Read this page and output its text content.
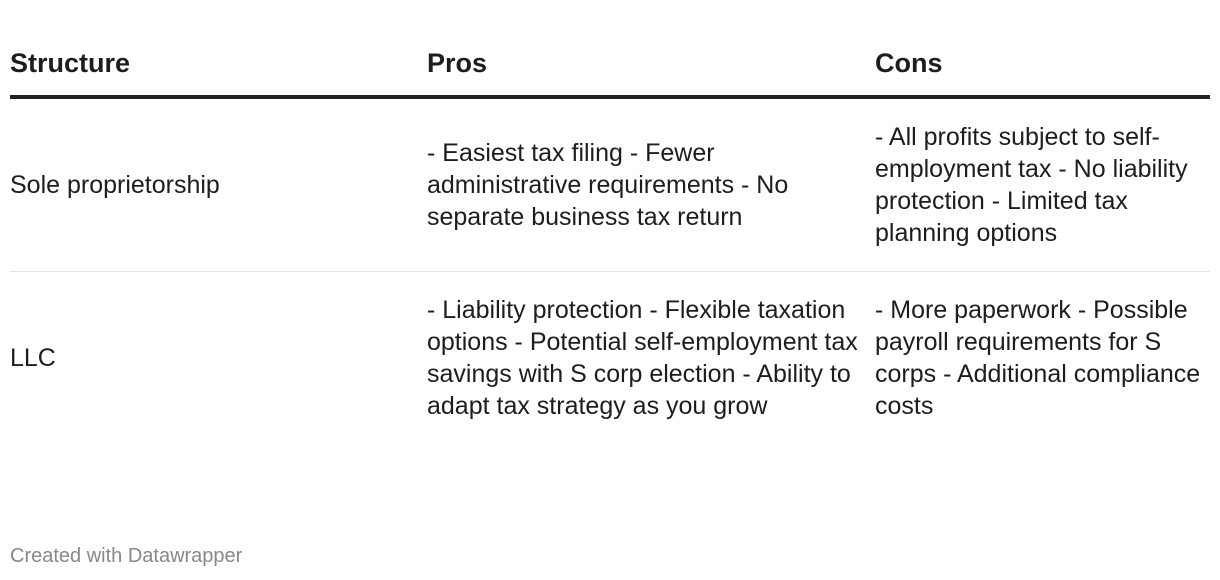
Structure	Pros	Cons
Sole proprietorship	- Easiest tax filing - Fewer administrative requirements - No separate business tax return	- All profits subject to self-employment tax - No liability protection - Limited tax planning options
LLC	- Liability protection - Flexible taxation options - Potential self-employment tax savings with S corp election - Ability to adapt tax strategy as you grow	- More paperwork - Possible payroll requirements for S corps - Additional compliance costs
Created with Datawrapper
